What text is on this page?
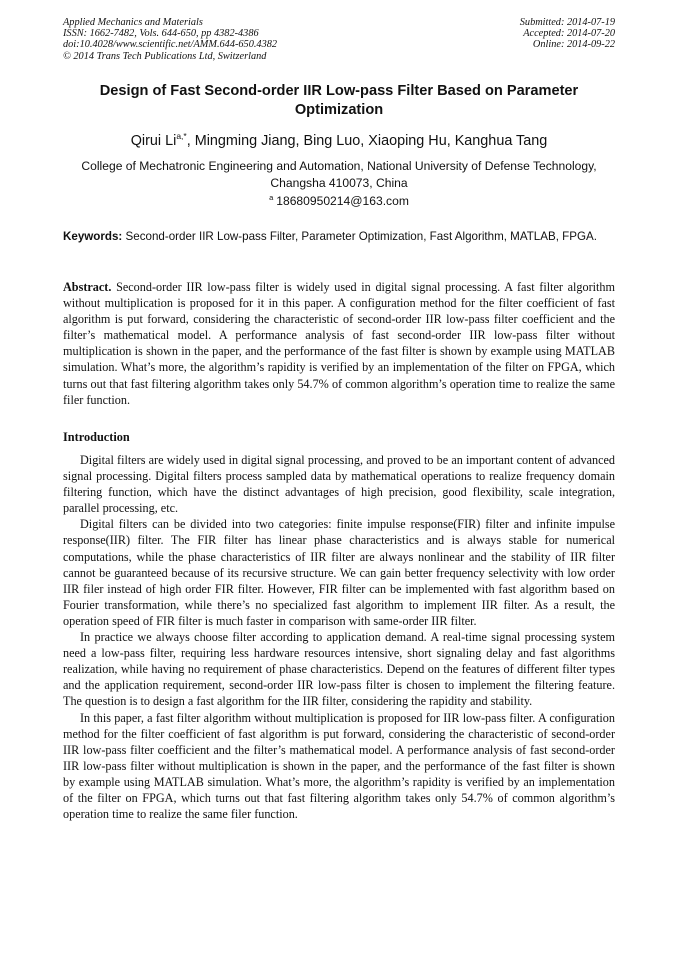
Applied Mechanics and Materials
ISSN: 1662-7482, Vols. 644-650, pp 4382-4386
doi:10.4028/www.scientific.net/AMM.644-650.4382
© 2014 Trans Tech Publications Ltd, Switzerland
Submitted: 2014-07-19
Accepted: 2014-07-20
Online: 2014-09-22
Design of Fast Second-order IIR Low-pass Filter Based on Parameter Optimization
Qirui $Li^{a,*}$, Mingming Jiang, Bing Luo, Xiaoping Hu, Kanghua Tang
College of Mechatronic Engineering and Automation, National University of Defense Technology, Changsha 410073, China
$^a$ 18680950214@163.com
Keywords: Second-order IIR Low-pass Filter, Parameter Optimization, Fast Algorithm, MATLAB, FPGA.
Abstract. Second-order IIR low-pass filter is widely used in digital signal processing. A fast filter algorithm without multiplication is proposed for it in this paper. A configuration method for the filter coefficient of fast algorithm is put forward, considering the characteristic of second-order IIR low-pass filter coefficient and the filter’s mathematical model. A performance analysis of fast second-order IIR low-pass filter without multiplication is shown in the paper, and the performance of the fast filter is shown by example using MATLAB simulation. What’s more, the algorithm’s rapidity is verified by an implementation of the filter on FPGA, which turns out that fast filtering algorithm takes only 54.7% of common algorithm’s operation time to realize the same filer function.
Introduction

Digital filters are widely used in digital signal processing, and proved to be an important content of advanced signal processing. Digital filters process sampled data by mathematical operations to realize frequency domain filtering function, which have the distinct advantages of high precision, good flexibility, scale integration, parallel processing, etc.

Digital filters can be divided into two categories: finite impulse response(FIR) filter and infinite impulse response(IIR) filter. The FIR filter has linear phase characteristics and is always stable for numerical computations, while the phase characteristics of IIR filter are always nonlinear and the stability of IIR filter cannot be guaranteed because of its recursive structure. We can gain better frequency selectivity with low order IIR filer instead of high order FIR filter. However, FIR filter can be implemented with fast algorithm based on Fourier transformation, while there’s no specialized fast algorithm to implement IIR filter. As a result, the operation speed of FIR filter is much faster in comparison with same-order IIR filter.

In practice we always choose filter according to application demand. A real-time signal processing system need a low-pass filter, requiring less hardware resources intensive, short signaling delay and fast algorithms realization, while having no requirement of phase characteristics. Depend on the features of different filter types and the application requirement, second-order IIR low-pass filter is chosen to implement the filtering feature. The question is to design a fast algorithm for the IIR filter, considering the rapidity and stability.

In this paper, a fast filter algorithm without multiplication is proposed for IIR low-pass filter. A configuration method for the filter coefficient of fast algorithm is put forward, considering the characteristic of second-order IIR low-pass filter coefficient and the filter’s mathematical model. A performance analysis of fast second-order IIR low-pass filter without multiplication is shown in the paper, and the performance of the fast filter is shown by example using MATLAB simulation. What’s more, the algorithm’s rapidity is verified by an implementation of the filter on FPGA, which turns out that fast filtering algorithm takes only 54.7% of common algorithm’s operation time to realize the same filer function.
